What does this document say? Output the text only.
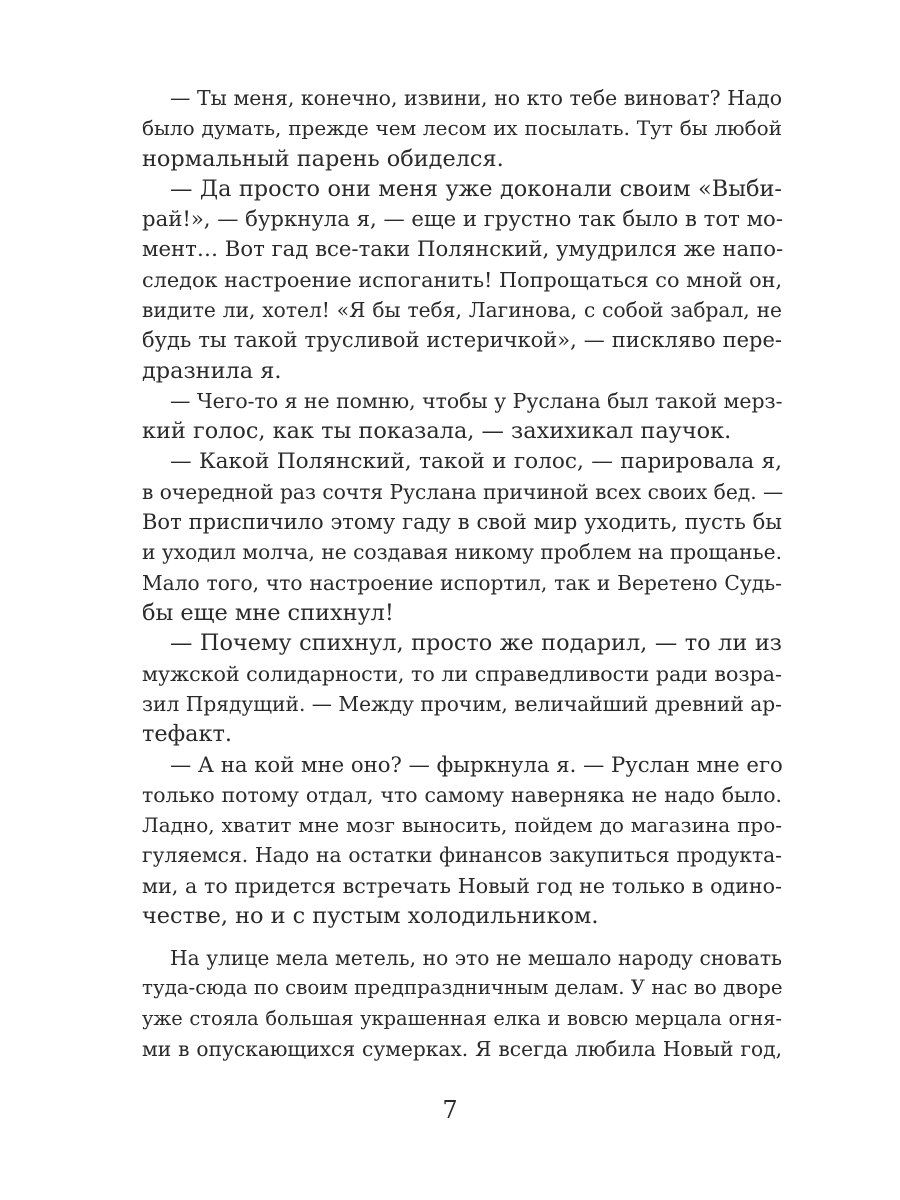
— Ты меня, конечно, извини, но кто тебе виноват? Надо
было думать, прежде чем лесом их посылать. Тут бы любой
нормальный парень обиделся.
— Да просто они меня уже доконали своим «Выби-
рай!», — буркнула я, — еще и грустно так было в тот мо-
мент… Вот гад все-таки Полянский, умудрился же напо-
следок настроение испоганить! Попрощаться со мной он,
видите ли, хотел! «Я бы тебя, Лагинова, с собой забрал, не
будь ты такой трусливой истеричкой», — пискляво пере-
дразнила я.
— Чего-то я не помню, чтобы у Руслана был такой мерз-
кий голос, как ты показала, — захихикал паучок.
— Какой Полянский, такой и голос, — парировала я,
в очередной раз сочтя Руслана причиной всех своих бед. —
Вот приспичило этому гаду в свой мир уходить, пусть бы
и уходил молча, не создавая никому проблем на прощанье.
Мало того, что настроение испортил, так и Веретено Судь-
бы еще мне спихнул!
— Почему спихнул, просто же подарил, — то ли из
мужской солидарности, то ли справедливости ради возра-
зил Прядущий. — Между прочим, величайший древний ар-
тефакт.
— А на кой мне оно? — фыркнула я. — Руслан мне его
только потому отдал, что самому наверняка не надо было.
Ладно, хватит мне мозг выносить, пойдем до магазина про-
гуляемся. Надо на остатки финансов закупиться продукта-
ми, а то придется встречать Новый год не только в одино-
честве, но и с пустым холодильником.
На улице мела метель, но это не мешало народу сновать
туда-сюда по своим предпраздничным делам. У нас во дворе
уже стояла большая украшенная елка и вовсю мерцала огня-
ми в опускающихся сумерках. Я всегда любила Новый год,
7
